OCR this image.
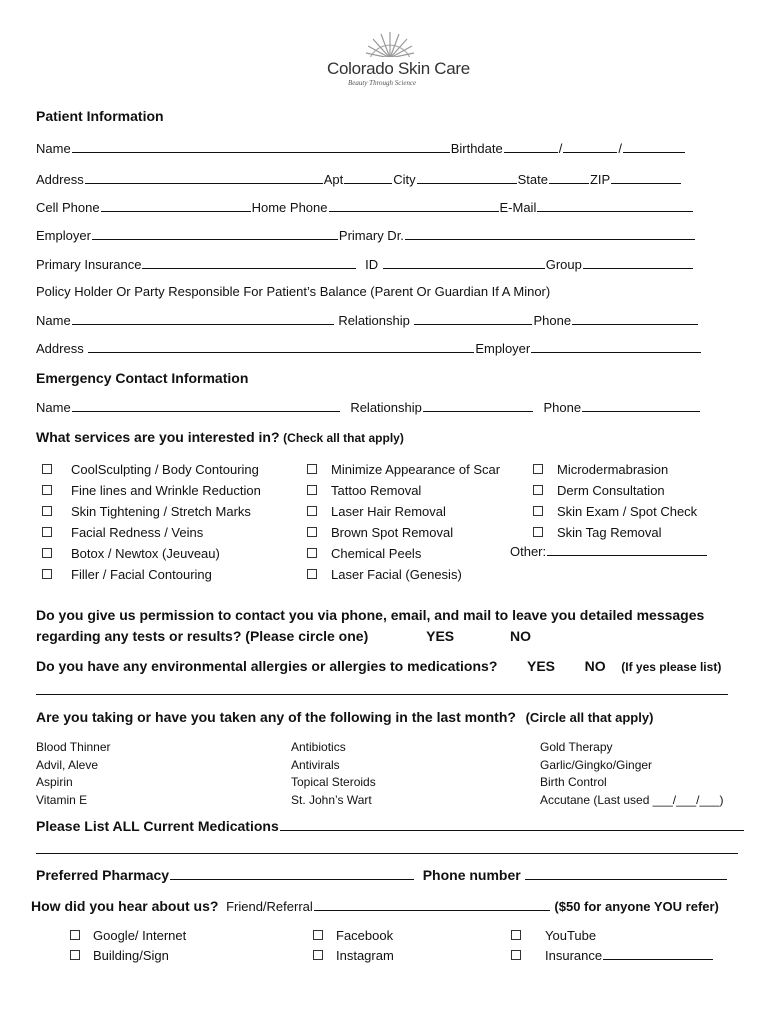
Colorado Skin Care
Beauty Through Science
Patient Information
Name	Birthdate	/	/
Address	Apt	City	State	ZIP
Cell Phone	Home Phone	E-Mail
Employer	Primary Dr.
Primary Insurance	ID	Group
Policy Holder Or Party Responsible For Patient’s Balance (Parent Or Guardian If A Minor)
Name	Relationship	Phone
Address	Employer
Emergency Contact Information
Name	Relationship	Phone
What services are you interested in? (Check all that apply)
CoolSculpting / Body Contouring
Fine lines and Wrinkle Reduction
Skin Tightening / Stretch Marks
Facial Redness / Veins
Botox / Newtox (Jeuveau)
Filler / Facial Contouring
Minimize Appearance of Scar
Tattoo Removal
Laser Hair Removal
Brown Spot Removal
Chemical Peels
Laser Facial (Genesis)
Microdermabrasion
Derm Consultation
Skin Exam / Spot Check
Skin Tag Removal
Other:
Do you give us permission to contact you via phone, email, and mail to leave you detailed messages
regarding any tests or results? (Please circle one)	YES	NO
Do you have any environmental allergies or allergies to medications? YES NO (If yes please list)
Are you taking or have you taken any of the following in the last month? (Circle all that apply)
Blood Thinner
Advil, Aleve
Aspirin
Vitamin E
Antibiotics
Antivirals
Topical Steroids
St. John’s Wart
Gold Therapy
Garlic/Gingko/Ginger
Birth Control
Accutane (Last used ___/___/___)
Please List ALL Current Medications
Preferred Pharmacy	Phone number
How did you hear about us? Friend/Referral	($50 for anyone YOU refer)
Google/ Internet
Building/Sign
Facebook
Instagram
YouTube
Insurance
